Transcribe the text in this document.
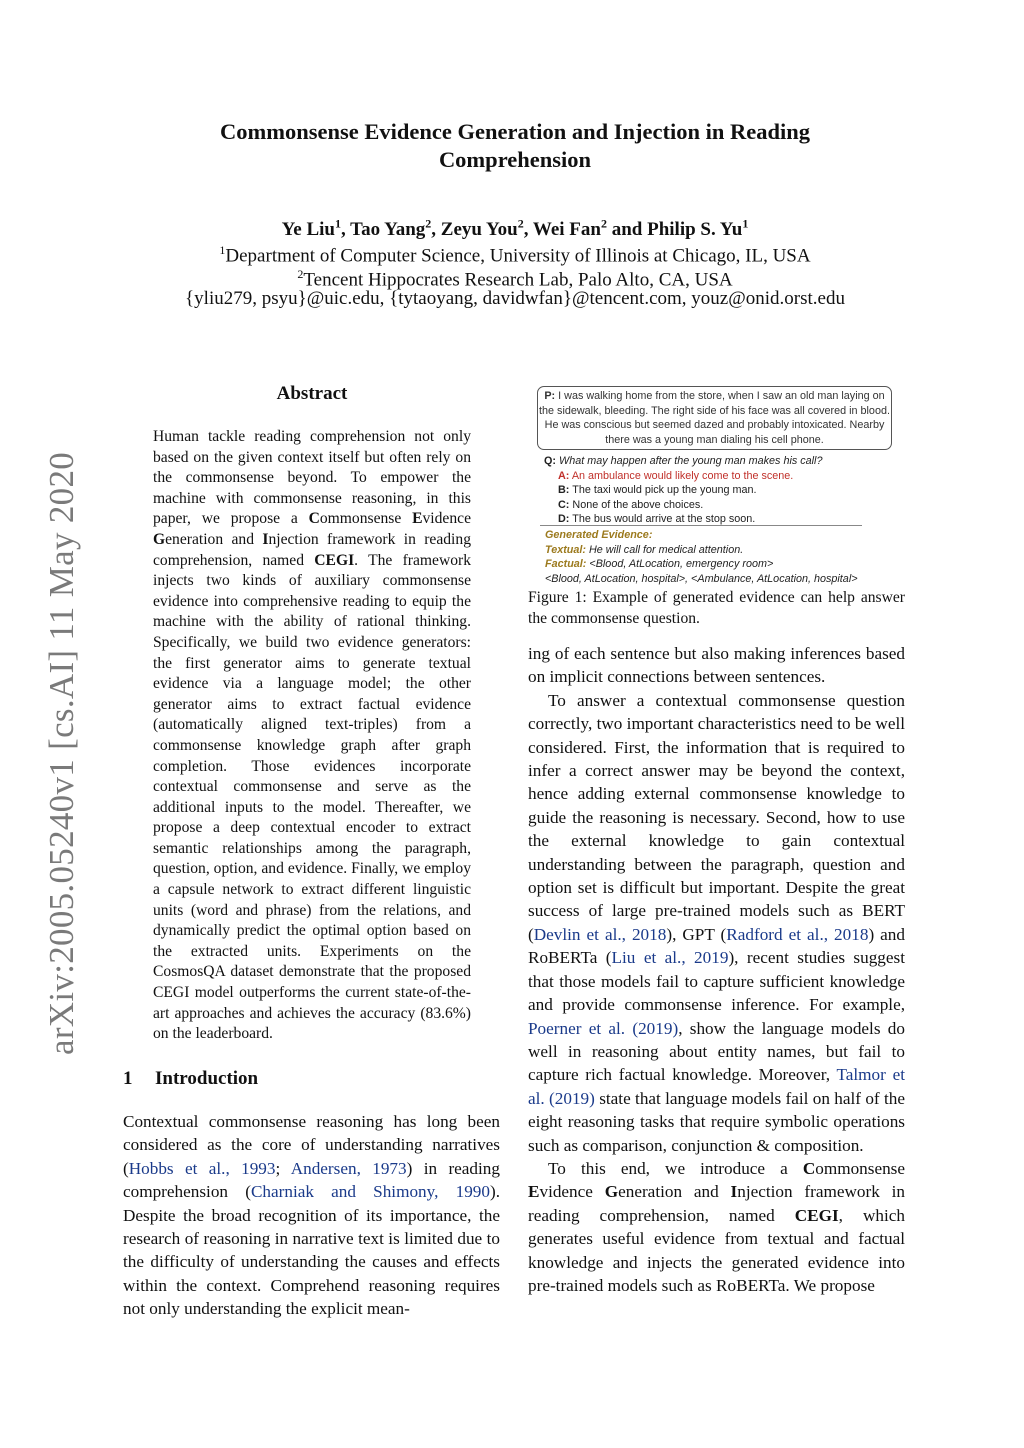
Commonsense Evidence Generation and Injection in Reading
Comprehension
Ye Liu$^1$, Tao Yang$^2$, Zeyu You$^2$, Wei Fan$^2$ and Philip S. Yu$^1$
$^1$Department of Computer Science, University of Illinois at Chicago, IL, USA
$^2$Tencent Hippocrates Research Lab, Palo Alto, CA, USA
{yliu279, psyu}@uic.edu, {tytaoyang, davidwfan}@tencent.com, youz@onid.orst.edu
arXiv:2005.05240v1 [cs.AI] 11 May 2020
Abstract
Human tackle reading comprehension not only based on the given context itself but often rely on the commonsense beyond. To empower the machine with commonsense reasoning, in this paper, we propose a Commonsense Evidence Generation and Injection framework in reading comprehension, named CEGI. The framework injects two kinds of auxiliary commonsense evidence into comprehensive reading to equip the machine with the ability of rational thinking. Specifically, we build two evidence generators: the first generator aims to generate textual evidence via a language model; the other generator aims to extract factual evidence (automatically aligned text-triples) from a commonsense knowledge graph after graph completion. Those evidences incorporate contextual commonsense and serve as the additional inputs to the model. Thereafter, we propose a deep contextual encoder to extract semantic relationships among the paragraph, question, option, and evidence. Finally, we employ a capsule network to extract different linguistic units (word and phrase) from the relations, and dynamically predict the optimal option based on the extracted units. Experiments on the CosmosQA dataset demonstrate that the proposed CEGI model outperforms the current state-of-the-art approaches and achieves the accuracy (83.6%) on the leaderboard.
1 Introduction

Contextual commonsense reasoning has long been considered as the core of understanding narratives (Hobbs et al., 1993; Andersen, 1973) in reading comprehension (Charniak and Shimony, 1990). Despite the broad recognition of its importance, the research of reasoning in narrative text is limited due to the difficulty of understanding the causes and effects within the context. Comprehend reasoning requires not only understanding the explicit mean-

P: I was walking home from the store, when I saw an old man laying on the sidewalk, bleeding. The right side of his face was all covered in blood. He was conscious but seemed dazed and probably intoxicated. Nearby there was a young man dialing his cell phone.
Q: What may happen after the young man makes his call?
A: An ambulance would likely come to the scene.
B: The taxi would pick up the young man.
C: None of the above choices.
D: The bus would arrive at the stop soon.
Generated Evidence:
Textual: He will call for medical attention.
Factual: <Blood, AtLocation, emergency room>
<Blood, AtLocation, hospital>, <Ambulance, AtLocation, hospital>
Figure 1: Example of generated evidence can help answer the commonsense question.

ing of each sentence but also making inferences based on implicit connections between sentences.

To answer a contextual commonsense question correctly, two important characteristics need to be well considered. First, the information that is required to infer a correct answer may be beyond the context, hence adding external commonsense knowledge to guide the reasoning is necessary. Second, how to use the external knowledge to gain contextual understanding between the paragraph, question and option set is difficult but important. Despite the great success of large pre-trained models such as BERT (Devlin et al., 2018), GPT (Radford et al., 2018) and RoBERTa (Liu et al., 2019), recent studies suggest that those models fail to capture sufficient knowledge and provide commonsense inference. For example, Poerner et al. (2019), show the language models do well in reasoning about entity names, but fail to capture rich factual knowledge. Moreover, Talmor et al. (2019) state that language models fail on half of the eight reasoning tasks that require symbolic operations such as comparison, conjunction & composition.

To this end, we introduce a Commonsense Evidence Generation and Injection framework in reading comprehension, named CEGI, which generates useful evidence from textual and factual knowledge and injects the generated evidence into pre-trained models such as RoBERTa. We propose
